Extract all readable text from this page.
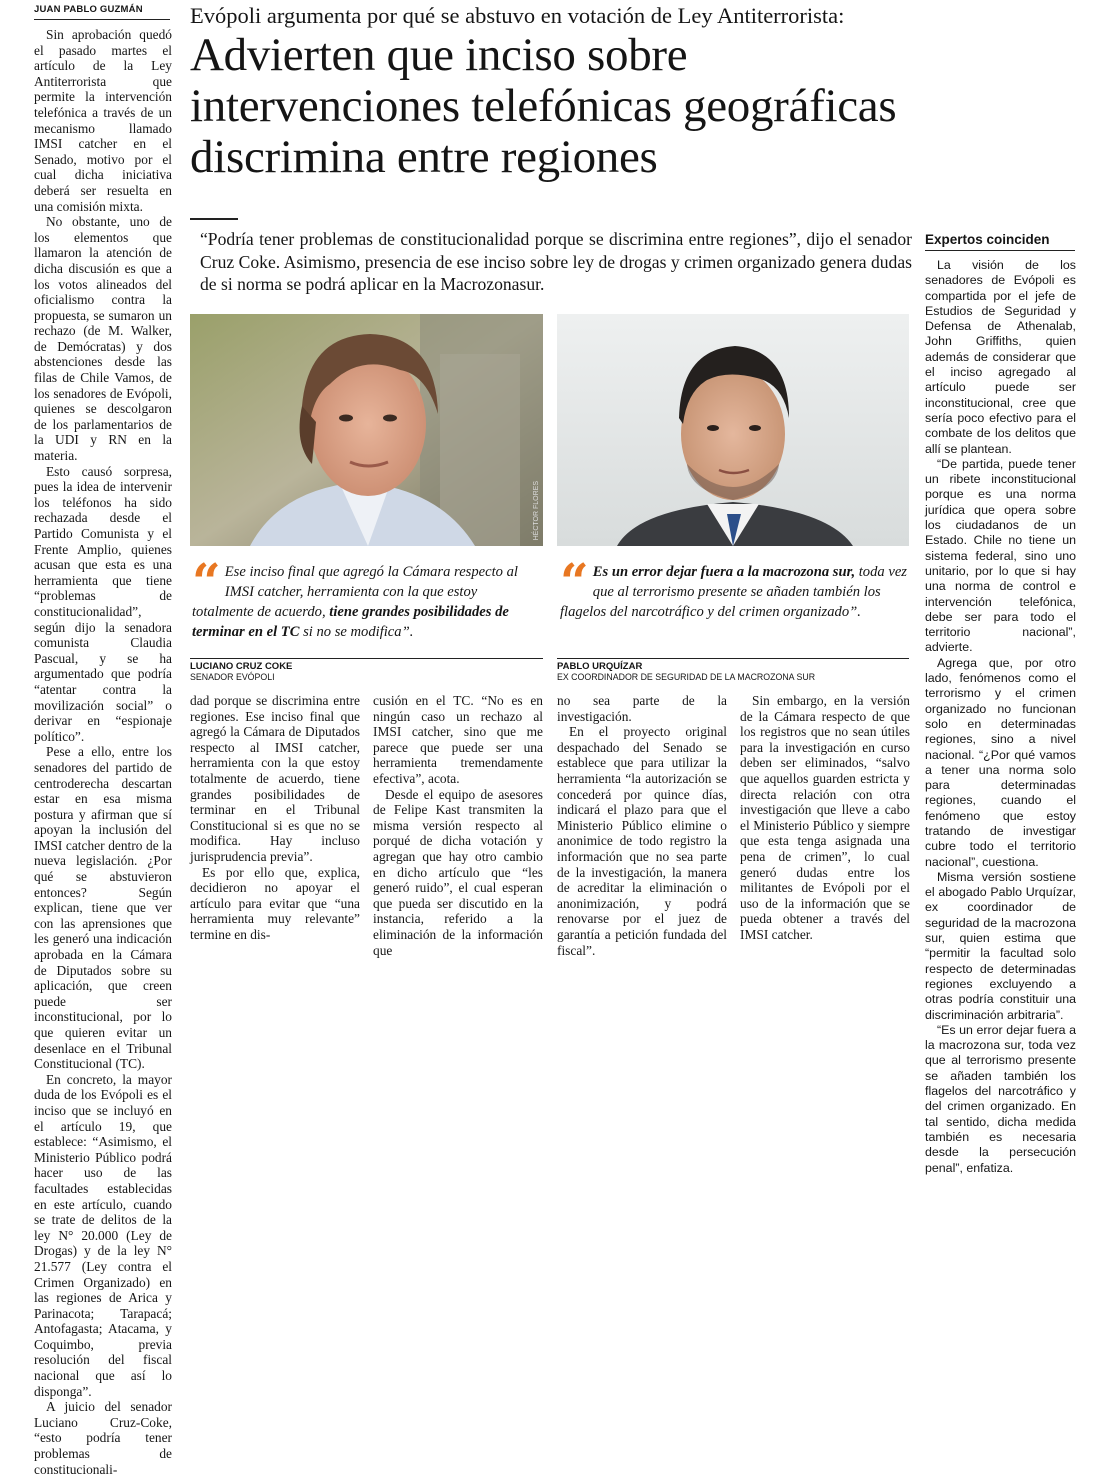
JUAN PABLO GUZMÁN

Sin aprobación quedó el pasado martes el artículo de la Ley Antiterrorista que permite la intervención telefónica a través de un mecanismo llamado IMSI catcher en el Senado, motivo por el cual dicha iniciativa deberá ser resuelta en una comisión mixta.

No obstante, uno de los elementos que llamaron la atención de dicha discusión es que a los votos alineados del oficialismo contra la propuesta, se sumaron un rechazo (de M. Walker, de Demócratas) y dos abstenciones desde las filas de Chile Vamos, de los senadores de Evópoli, quienes se descolgaron de los parlamentarios de la UDI y RN en la materia.

Esto causó sorpresa, pues la idea de intervenir los teléfonos ha sido rechazada desde el Partido Comunista y el Frente Amplio, quienes acusan que esta es una herramienta que tiene “problemas de constitucionalidad”, según dijo la senadora comunista Claudia Pascual, y se ha argumentado que podría “atentar contra la movilización social” o derivar en “espionaje político”.

Pese a ello, entre los senadores del partido de centroderecha descartan estar en esa misma postura y afirman que sí apoyan la inclusión del IMSI catcher dentro de la nueva legislación. ¿Por qué se abstuvieron entonces? Según explican, tiene que ver con las aprensiones que les generó una indicación aprobada en la Cámara de Diputados sobre su aplicación, que creen puede ser inconstitucional, por lo que quieren evitar un desenlace en el Tribunal Constitucional (TC).

En concreto, la mayor duda de los Evópoli es el inciso que se incluyó en el artículo 19, que establece: “Asimismo, el Ministerio Público podrá hacer uso de las facultades establecidas en este artículo, cuando se trate de delitos de la ley N° 20.000 (Ley de Drogas) y de la ley N° 21.577 (Ley contra el Crimen Organizado) en las regiones de Arica y Parinacota; Tarapacá; Antofagasta; Atacama, y Coquimbo, previa resolución del fiscal nacional que así lo disponga”.

A juicio del senador Luciano Cruz-Coke, “esto podría tener problemas de constitucionali-

Evópoli argumenta por qué se abstuvo en votación de Ley Antiterrorista:
Advierten que inciso sobre
intervenciones telefónicas geográficas
discrimina entre regiones
“Podría tener problemas de constitucionalidad porque se discrimina entre regiones”, dijo el senador Cruz Coke. Asimismo, presencia de ese inciso sobre ley de drogas y crimen organizado genera dudas de si norma se podrá aplicar en la Macrozonasur.
HÉCTOR FLORES
“ Ese inciso final que agregó la Cámara respecto al IMSI catcher, herramienta con la que estoy totalmente de acuerdo, tiene grandes posibilidades de terminar en el TC si no se modifica”.
“ Es un error dejar fuera a la macrozona sur, toda vez que al terrorismo presente se añaden también los flagelos del narcotráfico y del crimen organizado”.
LUCIANO CRUZ COKE
SENADOR EVÓPOLI
PABLO URQUÍZAR
EX COORDINADOR DE SEGURIDAD DE LA MACROZONA SUR

dad porque se discrimina entre regiones. Ese inciso final que agregó la Cámara de Diputados respecto al IMSI catcher, herramienta con la que estoy totalmente de acuerdo, tiene grandes posibilidades de terminar en el Tribunal Constitucional si es que no se modifica. Hay incluso jurisprudencia previa”.

Es por ello que, explica, decidieron no apoyar el artículo para evitar que “una herramienta muy relevante” termine en dis-

cusión en el TC. “No es en ningún caso un rechazo al IMSI catcher, sino que me parece que puede ser una herramienta tremendamente efectiva”, acota.

Desde el equipo de asesores de Felipe Kast transmiten la misma versión respecto al porqué de dicha votación y agregan que hay otro cambio en dicho artículo que “les generó ruido”, el cual esperan que pueda ser discutido en la instancia, referido a la eliminación de la información que

no sea parte de la investigación.

En el proyecto original despachado del Senado se establece que para utilizar la herramienta “la autorización se concederá por quince días, indicará el plazo para que el Ministerio Público elimine o anonimice de todo registro la información que no sea parte de la investigación, la manera de acreditar la eliminación o anonimización, y podrá renovarse por el juez de garantía a petición fundada del fiscal”.

Sin embargo, en la versión de la Cámara respecto de que los registros que no sean útiles para la investigación en curso deben ser eliminados, “salvo que aquellos guarden estricta y directa relación con otra investigación que lleve a cabo el Ministerio Público y siempre que esta tenga asignada una pena de crimen”, lo cual generó dudas entre los militantes de Evópoli por el uso de la información que se pueda obtener a través del IMSI catcher.

Expertos coinciden

La visión de los senadores de Evópoli es compartida por el jefe de Estudios de Seguridad y Defensa de Athenalab, John Griffiths, quien además de considerar que el inciso agregado al artículo puede ser inconstitucional, cree que sería poco efectivo para el combate de los delitos que allí se plantean.

“De partida, puede tener un ribete inconstitucional porque es una norma jurídica que opera sobre los ciudadanos de un Estado. Chile no tiene un sistema federal, sino uno unitario, por lo que si hay una norma de control e intervención telefónica, debe ser para todo el territorio nacional”, advierte.

Agrega que, por otro lado, fenómenos como el terrorismo y el crimen organizado no funcionan solo en determinadas regiones, sino a nivel nacional. “¿Por qué vamos a tener una norma solo para determinadas regiones, cuando el fenómeno que estoy tratando de investigar cubre todo el territorio nacional”, cuestiona.

Misma versión sostiene el abogado Pablo Urquízar, ex coordinador de seguridad de la macrozona sur, quien estima que “permitir la facultad solo respecto de determinadas regiones excluyendo a otras podría constituir una discriminación arbitraria”.

“Es un error dejar fuera a la macrozona sur, toda vez que al terrorismo presente se añaden también los flagelos del narcotráfico y del crimen organizado. En tal sentido, dicha medida también es necesaria desde la persecución penal”, enfatiza.
